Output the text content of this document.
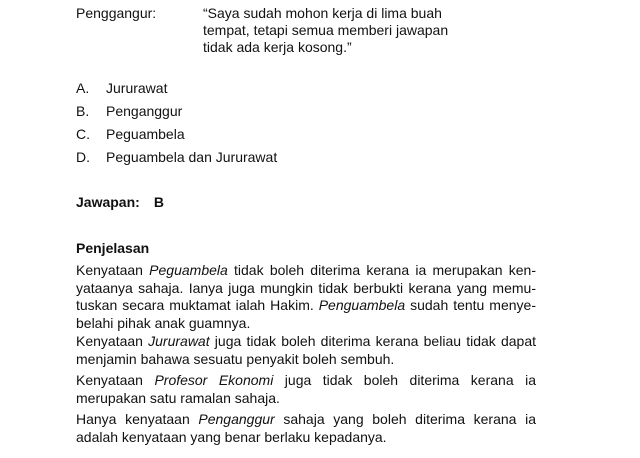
Penggangur:	“Saya sudah mohon kerja di lima buah
tempat, tetapi semua memberi jawapan
tidak ada kerja kosong.”
A. Jururawat
B. Penganggur
C. Peguambela
D. Peguambela dan Jururawat
Jawapan: B
Penjelasan
Kenyataan Peguambela tidak boleh diterima kerana ia merupakan ken-
yataanya sahaja. Ianya juga mungkin tidak berbukti kerana yang memu-
tuskan secara muktamat ialah Hakim. Penguambela sudah tentu menye-
belahi pihak anak guamnya.
Kenyataan Jururawat juga tidak boleh diterima kerana beliau tidak dapat
menjamin bahawa sesuatu penyakit boleh sembuh.
Kenyataan Profesor Ekonomi juga tidak boleh diterima kerana ia
merupakan satu ramalan sahaja.
Hanya kenyataan Penganggur sahaja yang boleh diterima kerana ia
adalah kenyataan yang benar berlaku kepadanya.
